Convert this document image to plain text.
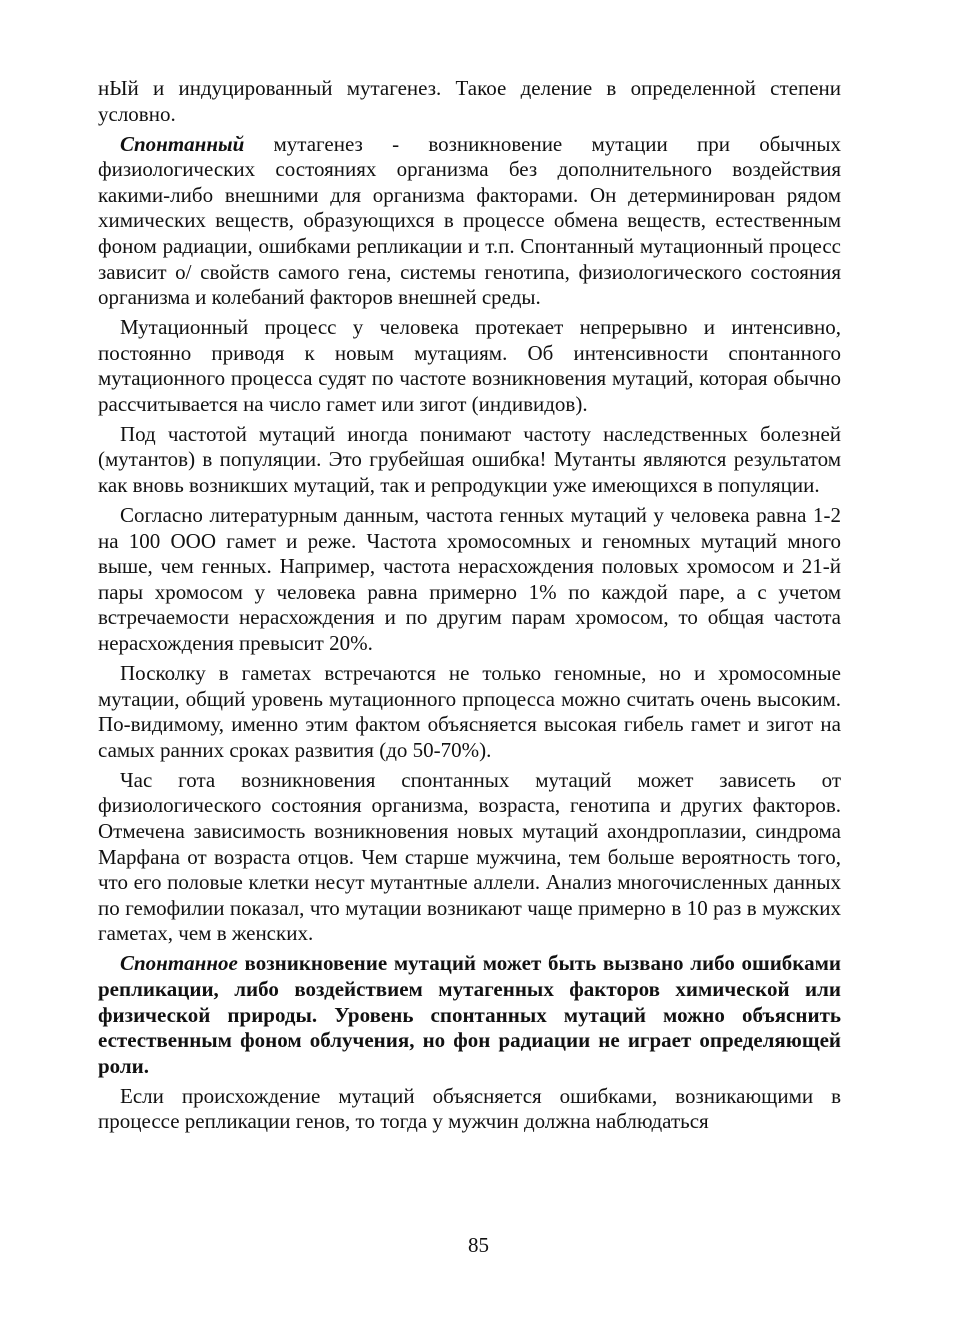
нЫй и индуцированный мутагенез. Такое деление в определенной степени условно.

Спонтанный мутагенез - возникновение мутации при обычных физиологических состояниях организма без дополнительного воздействия какими-либо внешними для организма факторами. Он детерминирован рядом химических веществ, образующихся в процессе обмена веществ, естественным фоном радиации, ошибками репликации и т.п. Спонтанный мутационный процесс зависит о/ свойств самого гена, системы генотипа, физиологического состояния организма и колебаний факторов внешней среды.

Мутационный процесс у человека протекает непрерывно и интенсивно, постоянно приводя к новым мутациям. Об интенсивности спонтанного мутационного процесса судят по частоте возникновения мутаций, которая обычно рассчитывается на число гамет или зигот (индивидов).

Под частотой мутаций иногда понимают частоту наследственных болезней (мутантов) в популяции. Это грубейшая ошибка! Мутанты являются результатом как вновь возникших мутаций, так и репродукции уже имеющихся в популяции.

Согласно литературным данным, частота генных мутаций у человека равна 1-2 на 100 ООО гамет и реже. Частота хромосомных и геномных мутаций много выше, чем генных. Например, частота нерасхождения половых хромосом и 21-й пары хромосом у человека равна примерно 1% по каждой паре, а с учетом встречаемости нерасхождения и по другим парам хромосом, то общая частота нерасхождения превысит 20%.

Посколку в гаметах встречаются не только геномные, но и хромосомные мутации, общий уровень мутационного прпоцесса можно считать очень высоким. По-видимому, именно этим фактом объясняется высокая гибель гамет и зигот на самых ранних сроках развития (до 50-70%).

Час гота возникновения спонтанных мутаций может зависеть от физиологического состояния организма, возраста, генотипа и других факторов. Отмечена зависимость возникновения новых мутаций ахондроплазии, синдрома Марфана от возраста отцов. Чем старше мужчина, тем больше вероятность того, что его половые клетки несут мутантные аллели. Анализ многочисленных данных по гемофилии показал, что мутации возникают чаще примерно в 10 раз в мужских гаметах, чем в женских.

Спонтанное возникновение мутаций может быть вызвано либо ошибками репликации, либо воздействием мутагенных факторов химической или физической природы. Уровень спонтанных мутаций можно объяснить естественным фоном облучения, но фон радиации не играет определяющей роли.

Если происхождение мутаций объясняется ошибками, возникающими в процессе репликации генов, то тогда у мужчин должна наблюдаться

85
